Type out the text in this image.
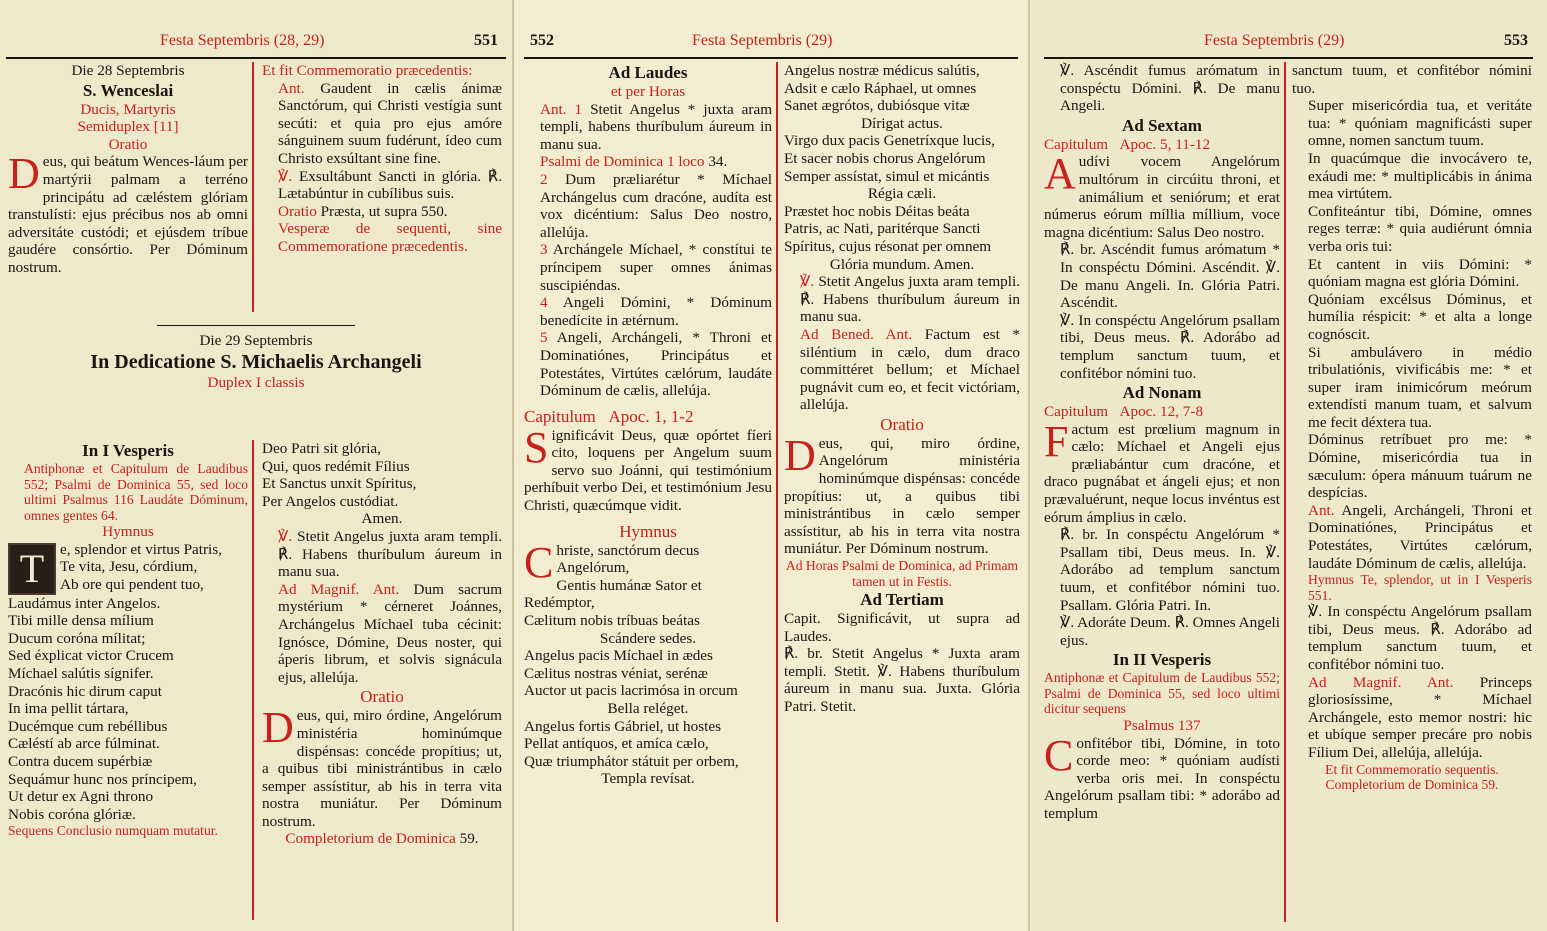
Festa Septembris (28, 29)	551

Die 28 Septembris

S. Wenceslai

Ducis, Martyris

Semiduplex [11]

Oratio

Deus, qui beátum Wences-láum per martýrii palmam a terréno principátu ad cæléstem glóriam transtulísti: ejus précibus nos ab omni adversitáte custódi; et ejúsdem tríbue gaudére consórtio. Per Dóminum nostrum.

Et fit Commemoratio præcedentis:

Ant. Gaudent in cælis ánimæ Sanctórum, qui Christi vestígia sunt secúti: et quia pro ejus amóre sánguinem suum fudérunt, ídeo cum Christo exsúltant sine fine.

℣. Exsultábunt Sancti in glória. ℟. Lætabúntur in cubílibus suis.

Oratio Præsta, ut supra 550.

Vesperæ de sequenti, sine Commemoratione præcedentis.

Die 29 Septembris

In Dedicatione S. Michaelis Archangeli

Duplex I classis

In I Vesperis

Antiphonæ et Capitulum de Laudibus 552; Psalmi de Dominica 55, sed loco ultimi Psalmus 116 Laudáte Dóminum, omnes gentes 64.

Hymnus

T	e, splendor et virtus Patris,

Te vita, Jesu, córdium,

Ab ore qui pendent tuo,

Laudámus inter Angelos.

Tibi mille densa mílium

Ducum coróna mílitat;

Sed éxplicat victor Crucem

Míchael salútis sígnifer.

Dracónis hic dirum caput

In ima pellit tártara,

Ducémque cum rebéllibus

Cæléstí ab arce fúlminat.

Contra ducem supérbiæ

Sequámur hunc nos príncipem,

Ut detur ex Agni throno

Nobis coróna glóriæ.

Sequens Conclusio numquam mutatur.

Deo Patri sit glória,

Qui, quos redémit Fílius

Et Sanctus unxit Spíritus,

Per Angelos custódiat.

Amen.

℣. Stetit Angelus juxta aram templi. ℟. Habens thuríbulum áureum in manu sua.

Ad Magnif. Ant. Dum sacrum mystérium * cérneret Joánnes, Archángelus Míchael tuba cécinit: Ignósce, Dómine, Deus noster, qui áperis librum, et solvis signácula ejus, allelúja.

Oratio

Deus, qui, miro órdine, Angelórum ministéria hominúmque dispénsas: concéde propítius; ut, a quibus tibi ministrántibus in cælo semper assístitur, ab his in terra vita nostra muniátur. Per Dóminum nostrum.

Completorium de Dominica 59.

552	Festa Septembris (29)

Ad Laudes

et per Horas

Ant. 1 Stetit Angelus * juxta aram templi, habens thuríbulum áureum in manu sua.

Psalmi de Dominica 1 loco 34.

2 Dum præliarétur * Míchael Archángelus cum dracóne, audíta est vox dicéntium: Salus Deo nostro, allelúja.

3 Archángele Míchael, * constítui te príncipem super omnes ánimas suscipiéndas.

4 Angeli Dómini, * Dóminum benedícite in ætérnum.

5 Angeli, Archángeli, * Throni et Dominatiónes, Principátus et Potestátes, Virtútes cælórum, laudáte Dóminum de cælis, allelúja.

Capitulum Apoc. 1, 1-2

Significávit Deus, quæ opórtet fíeri cito, loquens per Angelum suum servo suo Joánni, qui testimónium perhíbuit verbo Dei, et testimónium Jesu Christi, quæcúmque vidit.

Hymnus

C hriste, sanctórum decus Angelórum,

Gentis humánæ Sator et Redémptor,

Cælitum nobis tríbuas beátas

Scándere sedes.

Angelus pacis Míchael in ædes

Cælitus nostras véniat, serénæ

Auctor ut pacis lacrimósa in orcum

Bella reléget.

Angelus fortis Gábriel, ut hostes

Pellat antíquos, et amíca cælo,

Quæ triumphátor státuit per orbem,

Templa revísat.

Angelus nostræ médicus salútis,

Adsit e cælo Ráphael, ut omnes

Sanet ægrótos, dubiósque vitæ

Dírigat actus.

Virgo dux pacis Genetríxque lucis,

Et sacer nobis chorus Angelórum

Semper assístat, simul et micántis

Régia cæli.

Præstet hoc nobis Déitas beáta

Patris, ac Nati, paritérque Sancti

Spíritus, cujus résonat per omnem

Glória mundum. Amen.

℣. Stetit Angelus juxta aram templi. ℟. Habens thuríbulum áureum in manu sua.

Ad Bened. Ant. Factum est * siléntium in cælo, dum draco committéret bellum; et Míchael pugnávit cum eo, et fecit victóriam, allelúja.

Oratio

Deus, qui, miro órdine, Angelórum ministéria hominúmque dispénsas: concéde propítius: ut, a quibus tibi ministrántibus in cælo semper assístitur, ab his in terra vita nostra muniátur. Per Dóminum nostrum.

Ad Horas Psalmi de Dominica, ad Primam tamen ut in Festis.

Ad Tertiam

Capit. Significávit, ut supra ad Laudes.

℟. br. Stetit Angelus * Juxta aram templi. Stetit. ℣. Habens thuríbulum áureum in manu sua. Juxta. Glória Patri. Stetit.

Festa Septembris (29)	553

℣. Ascéndit fumus arómatum in conspéctu Dómini. ℟. De manu Angeli.

Ad Sextam

Capitulum Apoc. 5, 11-12

Audívi vocem Angelórum multórum in circúitu throni, et animálium et seniórum; et erat númerus eórum míllia míllium, voce magna dicéntium: Salus Deo nostro.

℟. br. Ascéndit fumus arómatum * In conspéctu Dómini. Ascéndit. ℣. De manu Angeli. In. Glória Patri. Ascéndit.

℣. In conspéctu Angelórum psallam tibi, Deus meus. ℟. Adorábo ad templum sanctum tuum, et confitébor nómini tuo.

Ad Nonam

Capitulum Apoc. 12, 7-8

Factum est prœlium magnum in cælo: Míchael et Angeli ejus præliabántur cum dracóne, et draco pugnábat et ángeli ejus; et non prævaluérunt, neque locus invéntus est eórum ámplius in cælo.

℟. br. In conspéctu Angelórum * Psallam tibi, Deus meus. In. ℣. Adorábo ad templum sanctum tuum, et confitébor nómini tuo. Psallam. Glória Patri. In.

℣. Adoráte Deum. ℟. Omnes Angeli ejus.

In II Vesperis

Antiphonæ et Capitulum de Laudibus 552; Psalmi de Dominica 55, sed loco ultimi dicitur sequens

Psalmus 137

Confitébor tibi, Dómine, in toto corde meo: * quóniam audísti verba oris mei. In conspéctu Angelórum psallam tibi: * adorábo ad templum

sanctum tuum, et confitébor nómini tuo.

Super misericórdia tua, et veritáte tua: * quóniam magnificásti super omne, nomen sanctum tuum.

In quacúmque die invocávero te, exáudi me: * multiplicábis in ánima mea virtútem.

Confiteántur tibi, Dómine, omnes reges terræ: * quia audiérunt ómnia verba oris tui:

Et cantent in viis Dómini: * quóniam magna est glória Dómini.

Quóniam excélsus Dóminus, et humília réspicit: * et alta a longe cognóscit.

Si ambulávero in médio tribulatiónis, vivificábis me: * et super iram inimicórum meórum extendísti manum tuam, et salvum me fecit déxtera tua.

Dóminus retríbuet pro me: * Dómine, misericórdia tua in sæculum: ópera mánuum tuárum ne despícias.

Ant. Angeli, Archángeli, Throni et Dominatiónes, Principátus et Potestátes, Virtútes cælórum, laudáte Dóminum de cælis, allelúja.

Hymnus Te, splendor, ut in I Vesperis 551.

℣. In conspéctu Angelórum psallam tibi, Deus meus. ℟. Adorábo ad templum sanctum tuum, et confitébor nómini tuo.

Ad Magnif. Ant. Princeps gloriosíssime, * Míchael Archángele, esto memor nostri: hic et ubíque semper precáre pro nobis Fílium Dei, allelúja, allelúja.

Et fit Commemoratio sequentis.

Completorium de Dominica 59.
